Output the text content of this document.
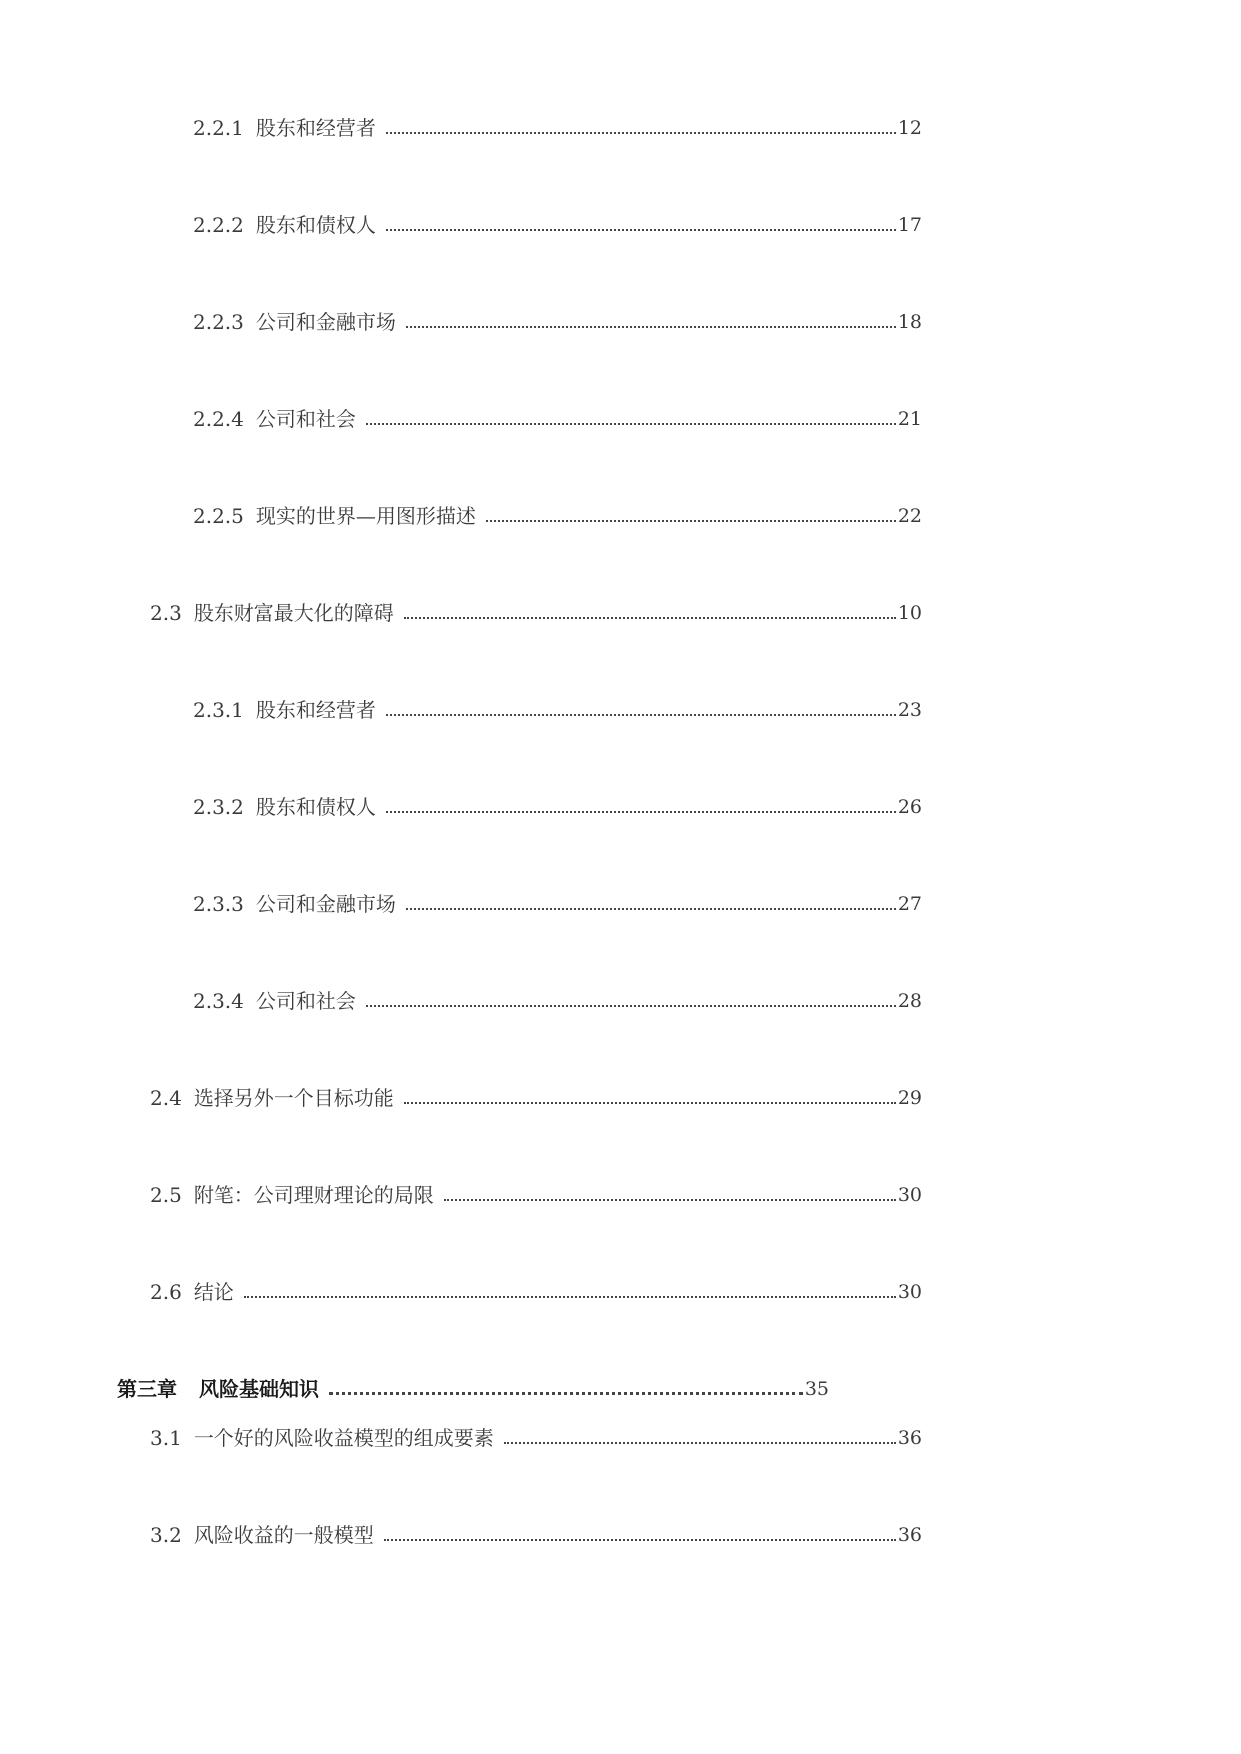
2.2.1 股东和经营者	12
2.2.2 股东和债权人	17
2.2.3 公司和金融市场	18
2.2.4 公司和社会	21
2.2.5 现实的世界—用图形描述	22
2.3 股东财富最大化的障碍	10
2.3.1 股东和经营者	23
2.3.2 股东和债权人	26
2.3.3 公司和金融市场	27
2.3.4 公司和社会	28
2.4 选择另外一个目标功能	29
2.5 附笔：公司理财理论的局限	30
2.6 结论	30
第三章 风险基础知识	35
3.1 一个好的风险收益模型的组成要素	36
3.2 风险收益的一般模型	36
